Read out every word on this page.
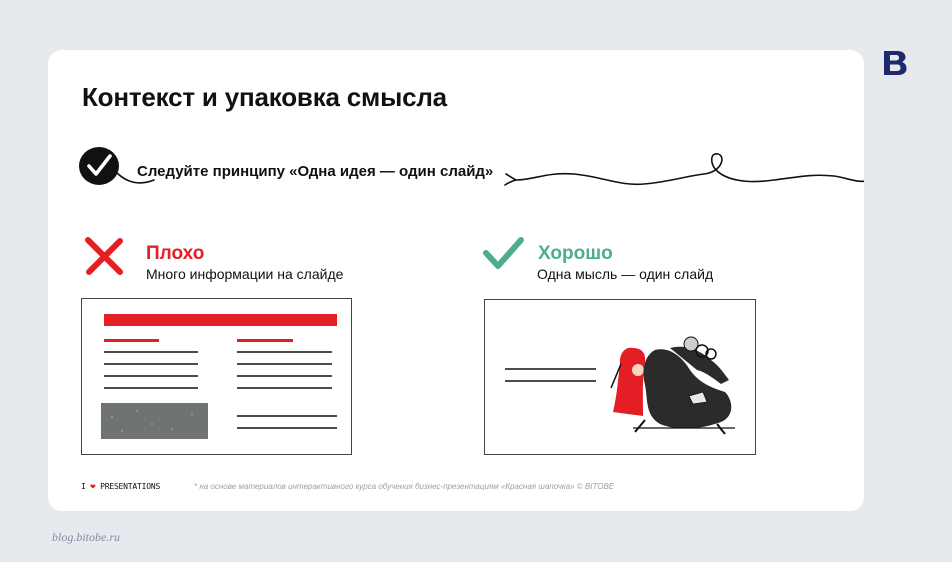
Контекст и упаковка смысла
Следуйте принципу «Одна идея — один слайд»
Плохо
Много информации на слайде
Хорошо
Одна мысль — один слайд
I ❤ PRESENTATIONS	* на основе материалов интерактивного курса обучения бизнес-презентациям «Красная шапочка» © BITOBE
blog.bitobe.ru
